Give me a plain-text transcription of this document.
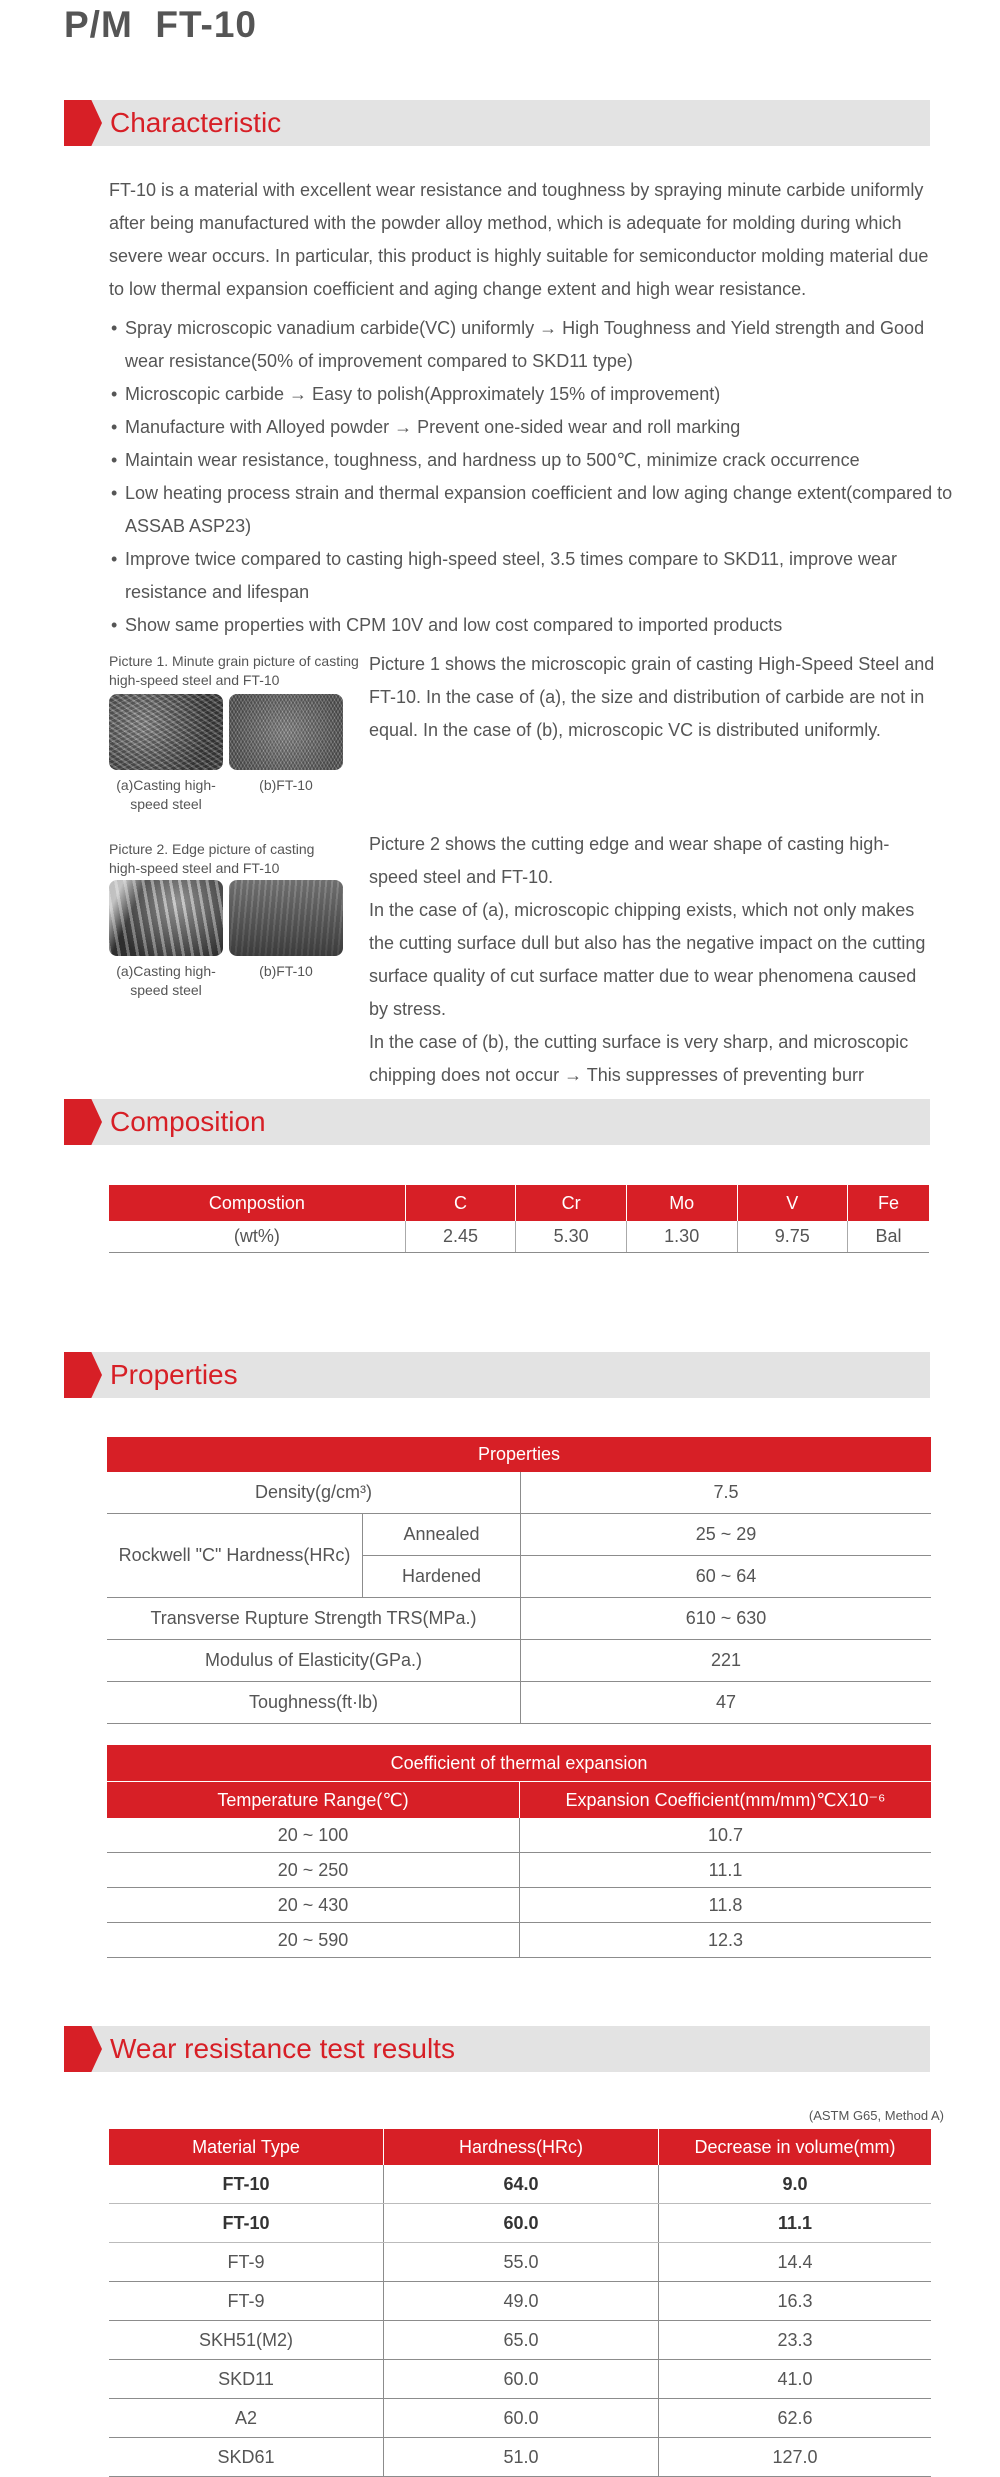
P/M  FT-10
Characteristic

FT-10 is a material with excellent wear resistance and toughness by spraying minute carbide uniformly after being manufactured with the powder alloy method, which is adequate for molding during which severe wear occurs. In particular, this product is highly suitable for semiconductor molding material due to low thermal expansion coefficient and aging change extent and high wear resistance.

• Spray microscopic vanadium carbide(VC) uniformly → High Toughness and Yield strength and Good wear resistance(50% of improvement compared to SKD11 type)
• Microscopic carbide → Easy to polish(Approximately 15% of improvement)
• Manufacture with Alloyed powder → Prevent one-sided wear and roll marking
• Maintain wear resistance, toughness, and hardness up to 500℃, minimize crack occurrence
• Low heating process strain and thermal expansion coefficient and low aging change extent(compared to ASSAB ASP23)
• Improve twice compared to casting high-speed steel, 3.5 times compare to SKD11, improve wear resistance and lifespan
• Show same properties with CPM 10V and low cost compared to imported products

Picture 1. Minute grain picture of casting high-speed steel and FT-10

(a)Casting high-speed steel
(b)FT-10

Picture 1 shows the microscopic grain of casting High-Speed Steel and FT-10. In the case of (a), the size and distribution of carbide are not in equal. In the case of (b), microscopic VC is distributed uniformly.

Picture 2. Edge picture of casting high-speed steel and FT-10

(a)Casting high-speed steel
(b)FT-10
Picture 2 shows the cutting edge and wear shape of casting high-speed steel and FT-10.
In the case of (a), microscopic chipping exists, which not only makes the cutting surface dull but also has the negative impact on the cutting surface quality of cut surface matter due to wear phenomena caused by stress.
In the case of (b), the cutting surface is very sharp, and microscopic chipping does not occur → This suppresses of preventing burr
Composition
Compostion	C	Cr	Mo	V	Fe
(wt%)	2.45	5.30	1.30	9.75	Bal
Properties
Properties		
Density(g/cm³)		7.5
Rockwell "C" Hardness(HRc)	Annealed	25 ~ 29
	Hardened	60 ~ 64
Transverse Rupture Strength TRS(MPa.)		610 ~ 630
Modulus of Elasticity(GPa.)		221
Toughness(ft·lb)		47
Coefficient of thermal expansion	
Temperature Range(℃)	Expansion Coefficient(mm/mm)℃X10⁻⁶
20 ~ 100	10.7
20 ~ 250	11.1
20 ~ 430	11.8
20 ~ 590	12.3
Wear resistance test results
(ASTM G65, Method A)
Material Type	Hardness(HRc)	Decrease in volume(mm)
FT-10	64.0	9.0
FT-10	60.0	11.1
FT-9	55.0	14.4
FT-9	49.0	16.3
SKH51(M2)	65.0	23.3
SKD11	60.0	41.0
A2	60.0	62.6
SKD61	51.0	127.0
